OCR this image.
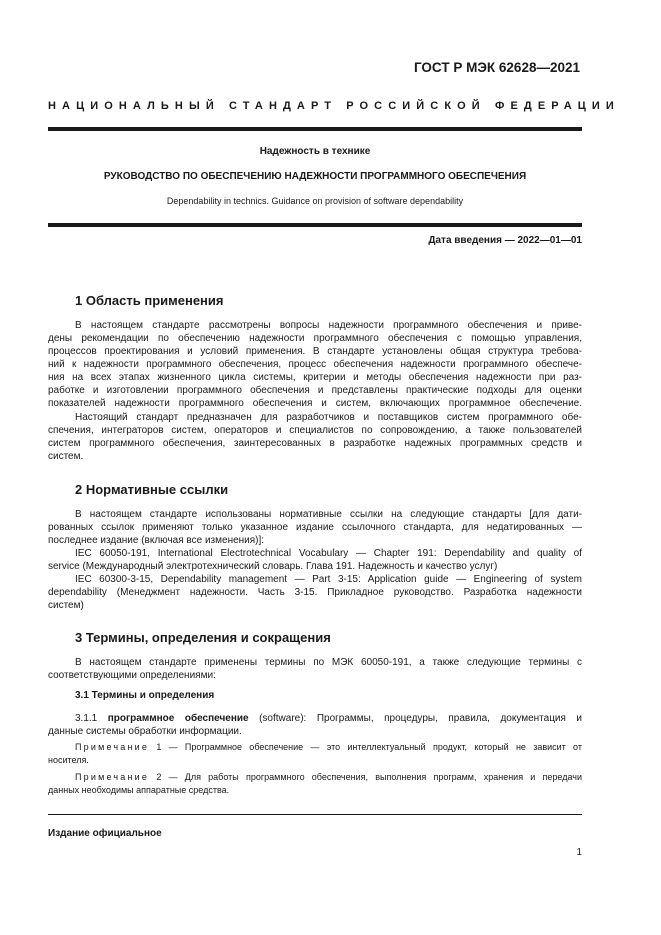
ГОСТ Р МЭК 62628—2021
НАЦИОНАЛЬНЫЙ СТАНДАРТ РОССИЙСКОЙ ФЕДЕРАЦИИ
Надежность в технике
РУКОВОДСТВО ПО ОБЕСПЕЧЕНИЮ НАДЕЖНОСТИ ПРОГРАММНОГО ОБЕСПЕЧЕНИЯ
Dependability in technics. Guidance on provision of software dependability
Дата введения — 2022—01—01
1 Область применения
В настоящем стандарте рассмотрены вопросы надежности программного обеспечения и приве-
дены рекомендации по обеспечению надежности программного обеспечения с помощью управления,
процессов проектирования и условий применения. В стандарте установлены общая структура требова-
ний к надежности программного обеспечения, процесс обеспечения надежности программного обеспече-
ния на всех этапах жизненного цикла системы, критерии и методы обеспечения надежности при раз-
работке и изготовлении программного обеспечения и представлены практические подходы для оценки
показателей надежности программного обеспечения и систем, включающих программное обеспечение.
Настоящий стандарт предназначен для разработчиков и поставщиков систем программного обе-
спечения, интеграторов систем, операторов и специалистов по сопровождению, а также пользователей
систем программного обеспечения, заинтересованных в разработке надежных программных средств и
систем.
2 Нормативные ссылки
В настоящем стандарте использованы нормативные ссылки на следующие стандарты [для дати-
рованных ссылок применяют только указанное издание ссылочного стандарта, для недатированных —
последнее издание (включая все изменения)]:
IEC 60050-191, International Electrotechnical Vocabulary — Chapter 191: Dependability and quality of
service (Международный электротехнический словарь. Глава 191. Надежность и качество услуг)
IEC 60300-3-15, Dependability management — Part 3-15: Application guide — Engineering of system
dependability (Менеджмент надежности. Часть 3-15. Прикладное руководство. Разработка надежности
систем)
3 Термины, определения и сокращения
В настоящем стандарте применены термины по МЭК 60050-191, а также следующие термины с
соответствующими определениями:
3.1 Термины и определения
3.1.1 программное обеспечение (software): Программы, процедуры, правила, документация и
данные системы обработки информации.
Примечание 1 — Программное обеспечение — это интеллектуальный продукт, который не зависит от
носителя.
Примечание 2 — Для работы программного обеспечения, выполнения программ, хранения и передачи
данных необходимы аппаратные средства.
Издание официальное
1
